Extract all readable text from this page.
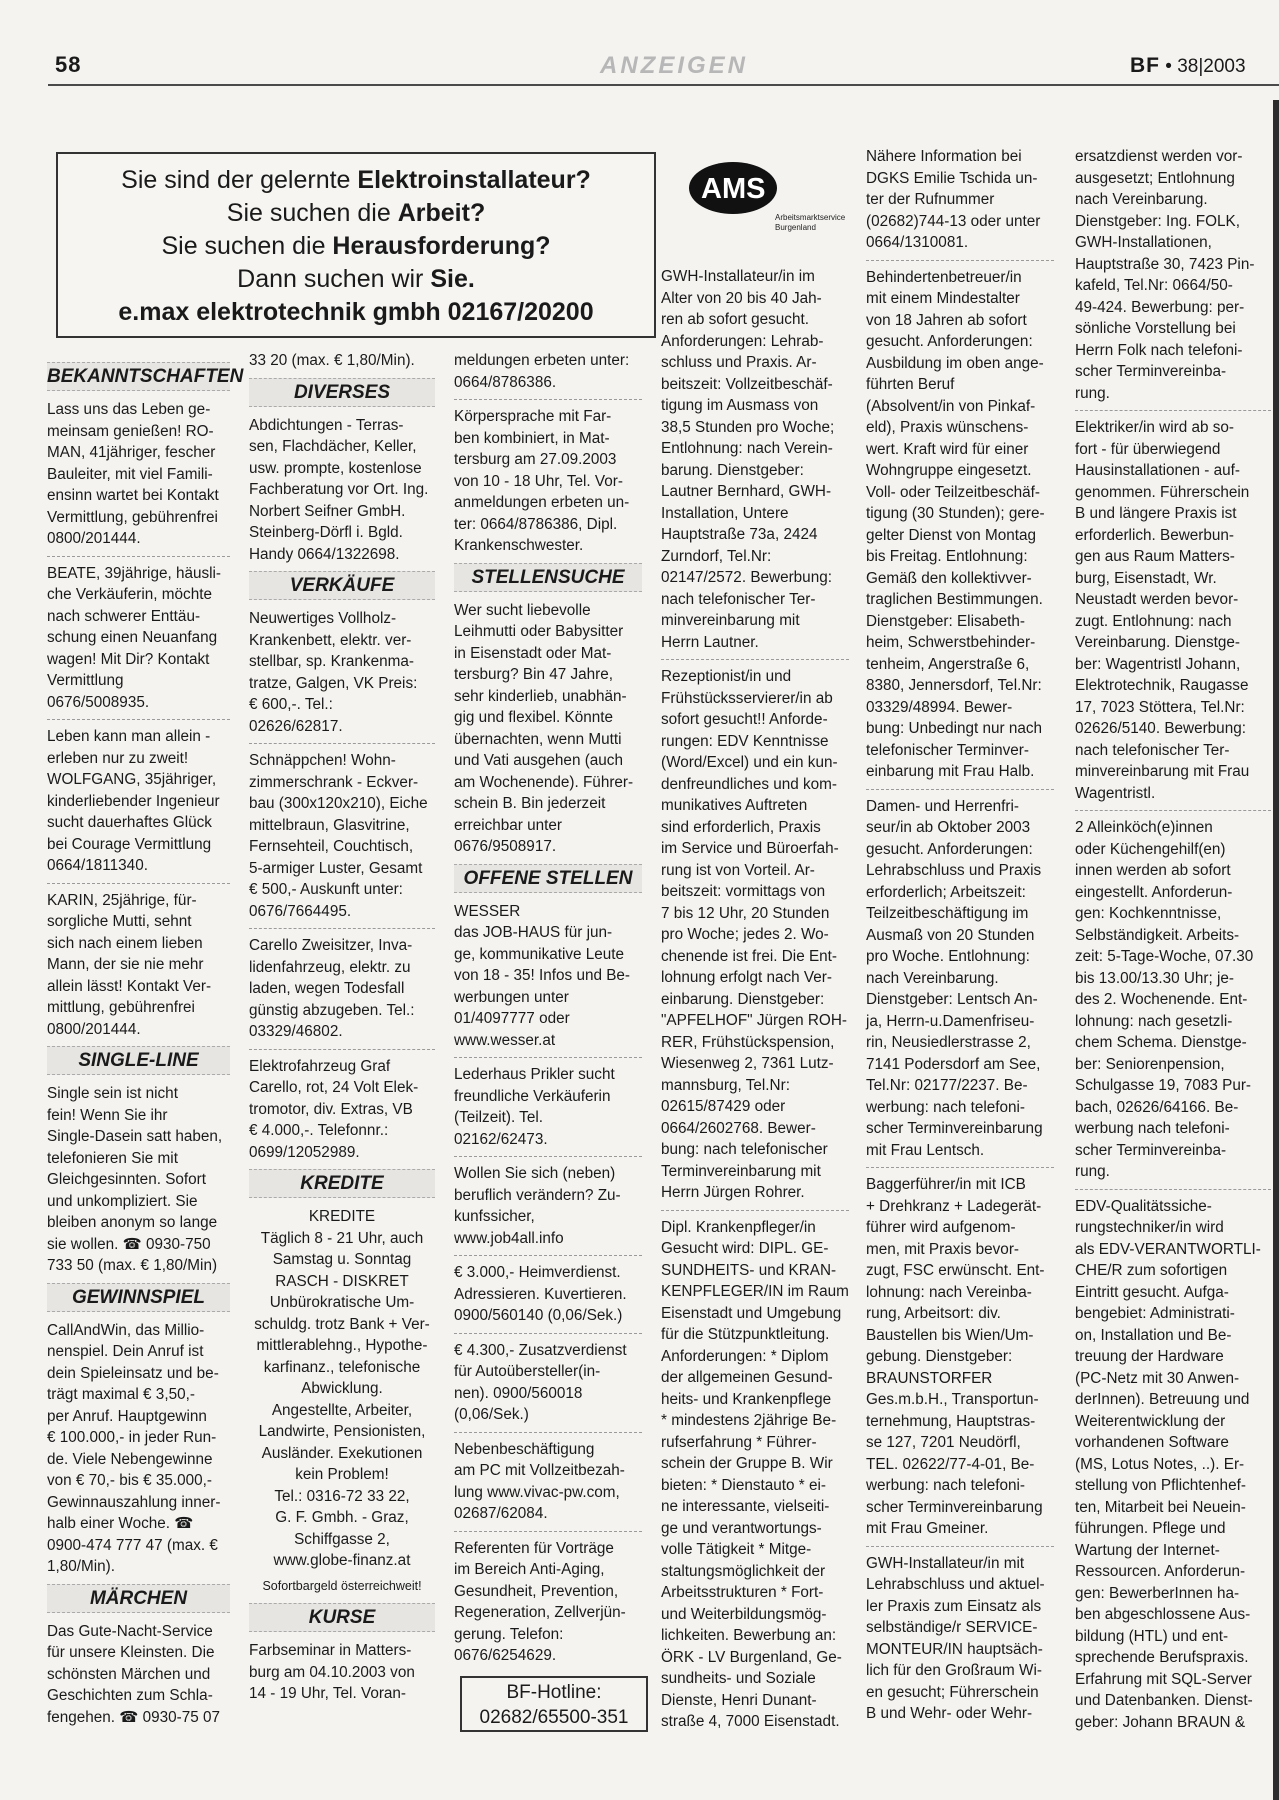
58	ANZEIGEN	BF • 38|2003
Sie sind der gelernte Elektroinstallateur?
Sie suchen die Arbeit?
Sie suchen die Herausforderung?
Dann suchen wir Sie.
e.max elektrotechnik gmbh 02167/20200
AMS
Arbeitsmarktservice Burgenland
BEKANNTSCHAFTEN

Lass uns das Leben ge-
meinsam genießen! RO-
MAN, 41jähriger, fescher
Bauleiter, mit viel Famili-
ensinn wartet bei Kontakt
Vermittlung, gebührenfrei
0800/201444.

BEATE, 39jährige, häusli-
che Verkäuferin, möchte
nach schwerer Enttäu-
schung einen Neuanfang
wagen! Mit Dir? Kontakt
Vermittlung
0676/5008935.

Leben kann man allein -
erleben nur zu zweit!
WOLFGANG, 35jähriger,
kinderliebender Ingenieur
sucht dauerhaftes Glück
bei Courage Vermittlung
0664/1811340.

KARIN, 25jährige, für-
sorgliche Mutti, sehnt
sich nach einem lieben
Mann, der sie nie mehr
allein lässt! Kontakt Ver-
mittlung, gebührenfrei
0800/201444.

SINGLE-LINE

Single sein ist nicht
fein! Wenn Sie ihr
Single-Dasein satt haben,
telefonieren Sie mit
Gleichgesinnten. Sofort
und unkompliziert. Sie
bleiben anonym so lange
sie wollen. ☎ 0930-750
733 50 (max. € 1,80/Min)

GEWINNSPIEL

CallAndWin, das Millio-
nenspiel. Dein Anruf ist
dein Spieleinsatz und be-
trägt maximal € 3,50,-
per Anruf. Hauptgewinn
€ 100.000,- in jeder Run-
de. Viele Nebengewinne
von € 70,- bis € 35.000,-
Gewinnauszahlung inner-
halb einer Woche. ☎
0900-474 777 47 (max. €
1,80/Min).

MÄRCHEN

Das Gute-Nacht-Service
für unsere Kleinsten. Die
schönsten Märchen und
Geschichten zum Schla-
fengehen. ☎ 0930-75 07

33 20 (max. € 1,80/Min).

DIVERSES

Abdichtungen - Terras-
sen, Flachdächer, Keller,
usw. prompte, kostenlose
Fachberatung vor Ort. Ing.
Norbert Seifner GmbH.
Steinberg-Dörfl i. Bgld.
Handy 0664/1322698.

VERKÄUFE

Neuwertiges Vollholz-
Krankenbett, elektr. ver-
stellbar, sp. Krankenma-
tratze, Galgen, VK Preis:
€ 600,-. Tel.:
02626/62817.

Schnäppchen! Wohn-
zimmerschrank - Eckver-
bau (300x120x210), Eiche
mittelbraun, Glasvitrine,
Fernsehteil, Couchtisch,
5-armiger Luster, Gesamt
€ 500,- Auskunft unter:
0676/7664495.

Carello Zweisitzer, Inva-
lidenfahrzeug, elektr. zu
laden, wegen Todesfall
günstig abzugeben. Tel.:
03329/46802.

Elektrofahrzeug Graf
Carello, rot, 24 Volt Elek-
tromotor, div. Extras, VB
€ 4.000,-. Telefonnr.:
0699/12052989.

KREDITE

KREDITE
Täglich 8 - 21 Uhr, auch
Samstag u. Sonntag
RASCH - DISKRET
Unbürokratische Um-
schuldg. trotz Bank + Ver-
mittlerablehng., Hypothe-
karfinanz., telefonische
Abwicklung.
Angestellte, Arbeiter,
Landwirte, Pensionisten,
Ausländer. Exekutionen
kein Problem!
Tel.: 0316-72 33 22,
G. F. Gmbh. - Graz,
Schiffgasse 2,
www.globe-finanz.at

Sofortbargeld österreichweit!
KURSE

Farbseminar in Matters-
burg am 04.10.2003 von
14 - 19 Uhr, Tel. Voran-

meldungen erbeten unter:
0664/8786386.

Körpersprache mit Far-
ben kombiniert, in Mat-
tersburg am 27.09.2003
von 10 - 18 Uhr, Tel. Vor-
anmeldungen erbeten un-
ter: 0664/8786386, Dipl.
Krankenschwester.

STELLENSUCHE

Wer sucht liebevolle
Leihmutti oder Babysitter
in Eisenstadt oder Mat-
tersburg? Bin 47 Jahre,
sehr kinderlieb, unabhän-
gig und flexibel. Könnte
übernachten, wenn Mutti
und Vati ausgehen (auch
am Wochenende). Führer-
schein B. Bin jederzeit
erreichbar unter
0676/9508917.

OFFENE STELLEN

WESSER
das JOB-HAUS für jun-
ge, kommunikative Leute
von 18 - 35! Infos und Be-
werbungen unter
01/4097777 oder
www.wesser.at

Lederhaus Prikler sucht
freundliche Verkäuferin
(Teilzeit). Tel.
02162/62473.

Wollen Sie sich (neben)
beruflich verändern? Zu-
kunfssicher,
www.job4all.info

€ 3.000,- Heimverdienst.
Adressieren. Kuvertieren.
0900/560140 (0,06/Sek.)

€ 4.300,- Zusatzverdienst
für Autoübersteller(in-
nen). 0900/560018
(0,06/Sek.)

Nebenbeschäftigung
am PC mit Vollzeitbezah-
lung www.vivac-pw.com,
02687/62084.

Referenten für Vorträge
im Bereich Anti-Aging,
Gesundheit, Prevention,
Regeneration, Zellverjün-
gerung. Telefon:
0676/6254629.

GWH-Installateur/in im
Alter von 20 bis 40 Jah-
ren ab sofort gesucht.
Anforderungen: Lehrab-
schluss und Praxis. Ar-
beitszeit: Vollzeitbeschäf-
tigung im Ausmass von
38,5 Stunden pro Woche;
Entlohnung: nach Verein-
barung. Dienstgeber:
Lautner Bernhard, GWH-
Installation, Untere
Hauptstraße 73a, 2424
Zurndorf, Tel.Nr:
02147/2572. Bewerbung:
nach telefonischer Ter-
minvereinbarung mit
Herrn Lautner.

Rezeptionist/in und
Frühstücksservierer/in ab
sofort gesucht!! Anforde-
rungen: EDV Kenntnisse
(Word/Excel) und ein kun-
denfreundliches und kom-
munikatives Auftreten
sind erforderlich, Praxis
im Service und Büroerfah-
rung ist von Vorteil. Ar-
beitszeit: vormittags von
7 bis 12 Uhr, 20 Stunden
pro Woche; jedes 2. Wo-
chenende ist frei. Die Ent-
lohnung erfolgt nach Ver-
einbarung. Dienstgeber:
"APFELHOF" Jürgen ROH-
RER, Frühstückspension,
Wiesenweg 2, 7361 Lutz-
mannsburg, Tel.Nr:
02615/87429 oder
0664/2602768. Bewer-
bung: nach telefonischer
Terminvereinbarung mit
Herrn Jürgen Rohrer.

Dipl. Krankenpfleger/in
Gesucht wird: DIPL. GE-
SUNDHEITS- und KRAN-
KENPFLEGER/IN im Raum
Eisenstadt und Umgebung
für die Stützpunktleitung.
Anforderungen: * Diplom
der allgemeinen Gesund-
heits- und Krankenpflege
* mindestens 2jährige Be-
rufserfahrung * Führer-
schein der Gruppe B. Wir
bieten: * Dienstauto * ei-
ne interessante, vielseiti-
ge und verantwortungs-
volle Tätigkeit * Mitge-
staltungsmöglichkeit der
Arbeitsstrukturen * Fort-
und Weiterbildungsmög-
lichkeiten. Bewerbung an:
ÖRK - LV Burgenland, Ge-
sundheits- und Soziale
Dienste, Henri Dunant-
straße 4, 7000 Eisenstadt.

Nähere Information bei
DGKS Emilie Tschida un-
ter der Rufnummer
(02682)744-13 oder unter
0664/1310081.

Behindertenbetreuer/in
mit einem Mindestalter
von 18 Jahren ab sofort
gesucht. Anforderungen:
Ausbildung im oben ange-
führten Beruf
(Absolvent/in von Pinkaf-
eld), Praxis wünschens-
wert. Kraft wird für einer
Wohngruppe eingesetzt.
Voll- oder Teilzeitbeschäf-
tigung (30 Stunden); gere-
gelter Dienst von Montag
bis Freitag. Entlohnung:
Gemäß den kollektivver-
traglichen Bestimmungen.
Dienstgeber: Elisabeth-
heim, Schwerstbehinder-
tenheim, Angerstraße 6,
8380, Jennersdorf, Tel.Nr:
03329/48994. Bewer-
bung: Unbedingt nur nach
telefonischer Terminver-
einbarung mit Frau Halb.

Damen- und Herrenfri-
seur/in ab Oktober 2003
gesucht. Anforderungen:
Lehrabschluss und Praxis
erforderlich; Arbeitszeit:
Teilzeitbeschäftigung im
Ausmaß von 20 Stunden
pro Woche. Entlohnung:
nach Vereinbarung.
Dienstgeber: Lentsch An-
ja, Herrn-u.Damenfriseu-
rin, Neusiedlerstrasse 2,
7141 Podersdorf am See,
Tel.Nr: 02177/2237. Be-
werbung: nach telefoni-
scher Terminvereinbarung
mit Frau Lentsch.

Baggerführer/in mit ICB
+ Drehkranz + Ladegerät-
führer wird aufgenom-
men, mit Praxis bevor-
zugt, FSC erwünscht. Ent-
lohnung: nach Vereinba-
rung, Arbeitsort: div.
Baustellen bis Wien/Um-
gebung. Dienstgeber:
BRAUNSTORFER
Ges.m.b.H., Transportun-
ternehmung, Hauptstras-
se 127, 7201 Neudörfl,
TEL. 02622/77-4-01, Be-
werbung: nach telefoni-
scher Terminvereinbarung
mit Frau Gmeiner.

GWH-Installateur/in mit
Lehrabschluss und aktuel-
ler Praxis zum Einsatz als
selbständige/r SERVICE-
MONTEUR/IN hauptsäch-
lich für den Großraum Wi-
en gesucht; Führerschein
B und Wehr- oder Wehr-

ersatzdienst werden vor-
ausgesetzt; Entlohnung
nach Vereinbarung.
Dienstgeber: Ing. FOLK,
GWH-Installationen,
Hauptstraße 30, 7423 Pin-
kafeld, Tel.Nr: 0664/50-
49-424. Bewerbung: per-
sönliche Vorstellung bei
Herrn Folk nach telefoni-
scher Terminvereinba-
rung.

Elektriker/in wird ab so-
fort - für überwiegend
Hausinstallationen - auf-
genommen. Führerschein
B und längere Praxis ist
erforderlich. Bewerbun-
gen aus Raum Matters-
burg, Eisenstadt, Wr.
Neustadt werden bevor-
zugt. Entlohnung: nach
Vereinbarung. Dienstge-
ber: Wagentristl Johann,
Elektrotechnik, Raugasse
17, 7023 Stöttera, Tel.Nr:
02626/5140. Bewerbung:
nach telefonischer Ter-
minvereinbarung mit Frau
Wagentristl.

2 Alleinköch(e)innen
oder Küchengehilf(en)
innen werden ab sofort
eingestellt. Anforderun-
gen: Kochkenntnisse,
Selbständigkeit. Arbeits-
zeit: 5-Tage-Woche, 07.30
bis 13.00/13.30 Uhr; je-
des 2. Wochenende. Ent-
lohnung: nach gesetzli-
chem Schema. Dienstge-
ber: Seniorenpension,
Schulgasse 19, 7083 Pur-
bach, 02626/64166. Be-
werbung nach telefoni-
scher Terminvereinba-
rung.

EDV-Qualitätssiche-
rungstechniker/in wird
als EDV-VERANTWORTLI-
CHE/R zum sofortigen
Eintritt gesucht. Aufga-
bengebiet: Administrati-
on, Installation und Be-
treuung der Hardware
(PC-Netz mit 30 Anwen-
derInnen). Betreuung und
Weiterentwicklung der
vorhandenen Software
(MS, Lotus Notes, ..). Er-
stellung von Pflichtenhef-
ten, Mitarbeit bei Neuein-
führungen. Pflege und
Wartung der Internet-
Ressourcen. Anforderun-
gen: BewerberInnen ha-
ben abgeschlossene Aus-
bildung (HTL) und ent-
sprechende Berufspraxis.
Erfahrung mit SQL-Server
und Datenbanken. Dienst-
geber: Johann BRAUN &

BF-Hotline:
02682/65500-351
